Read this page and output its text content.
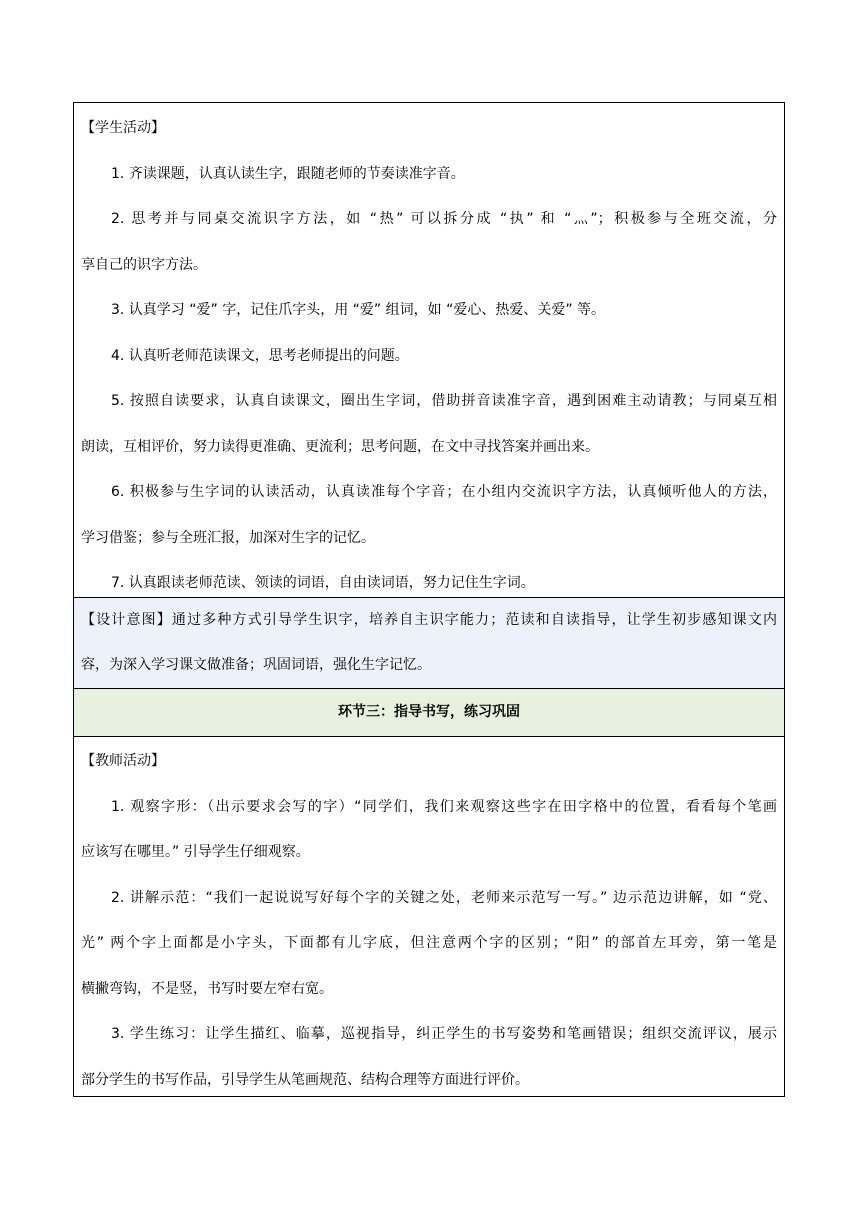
【学生活动】
1. 齐读课题，认真认读生字，跟随老师的节奏读准字音。
2. 思考并与同桌交流识字方法，如 “热” 可以拆分成 “执” 和 “灬”；积极参与全班交流，分
享自己的识字方法。
3. 认真学习 “爱” 字，记住爪字头，用 “爱” 组词，如 “爱心、热爱、关爱” 等。
4. 认真听老师范读课文，思考老师提出的问题。
5. 按照自读要求，认真自读课文，圈出生字词，借助拼音读准字音，遇到困难主动请教；与同桌互相
朗读，互相评价，努力读得更准确、更流利；思考问题，在文中寻找答案并画出来。
6. 积极参与生字词的认读活动，认真读准每个字音；在小组内交流识字方法，认真倾听他人的方法，
学习借鉴；参与全班汇报，加深对生字的记忆。
7. 认真跟读老师范读、领读的词语，自由读词语，努力记住生字词。
【设计意图】通过多种方式引导学生识字，培养自主识字能力；范读和自读指导，让学生初步感知课文内
容，为深入学习课文做准备；巩固词语，强化生字记忆。
环节三：指导书写，练习巩固
【教师活动】
1. 观察字形：（出示要求会写的字）“同学们，我们来观察这些字在田字格中的位置，看看每个笔画
应该写在哪里。” 引导学生仔细观察。
2. 讲解示范：“我们一起说说写好每个字的关键之处，老师来示范写一写。” 边示范边讲解，如 “党、
光” 两个字上面都是小字头，下面都有儿字底，但注意两个字的区别；“阳” 的部首左耳旁，第一笔是
横撇弯钩，不是竖，书写时要左窄右宽。
3. 学生练习：让学生描红、临摹，巡视指导，纠正学生的书写姿势和笔画错误；组织交流评议，展示
部分学生的书写作品，引导学生从笔画规范、结构合理等方面进行评价。
